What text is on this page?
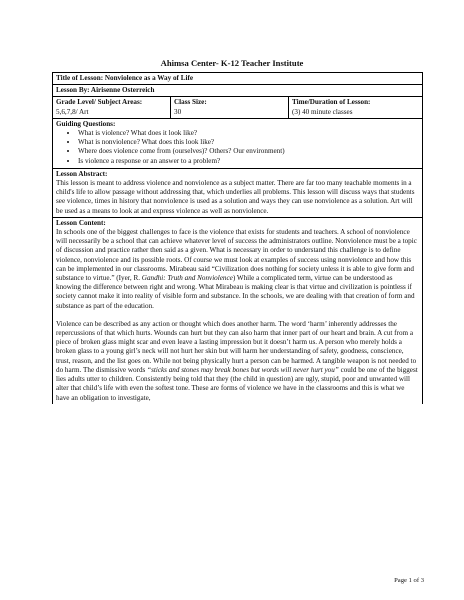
Ahimsa Center- K-12 Teacher Institute
Title of Lesson: Nonviolence as a Way of Life
Lesson By: Airisenne Osterreich

Grade Level/ Subject Areas:
5,6,7,8/ Art

Class Size:
30

Time/Duration of Lesson:
(3) 40 minute classes

Guiding Questions:
• What is violence? What does it look like?
• What is nonviolence? What does this look like?
• Where does violence come from (ourselves)? Others? Our environment)
• Is violence a response or an answer to a problem?

Lesson Abstract:

This lesson is meant to address violence and nonviolence as a subject matter. There are far too many teachable moments in a child's life to allow passage without addressing that, which underlies all problems. This lesson will discuss ways that students see violence, times in history that nonviolence is used as a solution and ways they can use nonviolence as a solution. Art will be used as a means to look at and express violence as well as nonviolence.

Lesson Content:

In schools one of the biggest challenges to face is the violence that exists for students and teachers. A school of nonviolence will necessarily be a school that can achieve whatever level of success the administrators outline. Nonviolence must be a topic of discussion and practice rather then said as a given. What is necessary in order to understand this challenge is to define violence, nonviolence and its possible roots. Of course we must look at examples of success using nonviolence and how this can be implemented in our classrooms. Mirabeau said “Civilization does nothing for society unless it is able to give form and substance to virtue.” (Iyer, R. Gandhi: Truth and Nonviolence) While a complicated term, virtue can be understood as knowing the difference between right and wrong. What Mirabeau is making clear is that virtue and civilization is pointless if society cannot make it into reality of visible form and substance. In the schools, we are dealing with that creation of form and substance as part of the education.

Violence can be described as any action or thought which does another harm. The word ‘harm’ inherently addresses the repercussions of that which hurts. Wounds can hurt but they can also harm that inner part of our heart and brain. A cut from a piece of broken glass might scar and even leave a lasting impression but it doesn’t harm us. A person who merely holds a broken glass to a young girl’s neck will not hurt her skin but will harm her understanding of safety, goodness, conscience, trust, reason, and the list goes on. While not being physically hurt a person can be harmed. A tangible weapon is not needed to do harm. The dismissive words “sticks and stones may break bones but words will never hurt you” could be one of the biggest lies adults utter to children. Consistently being told that they (the child in question) are ugly, stupid, poor and unwanted will alter that child’s life with even the softest tone. These are forms of violence we have in the classrooms and this is what we have an obligation to investigate,

Page 1 of 3
